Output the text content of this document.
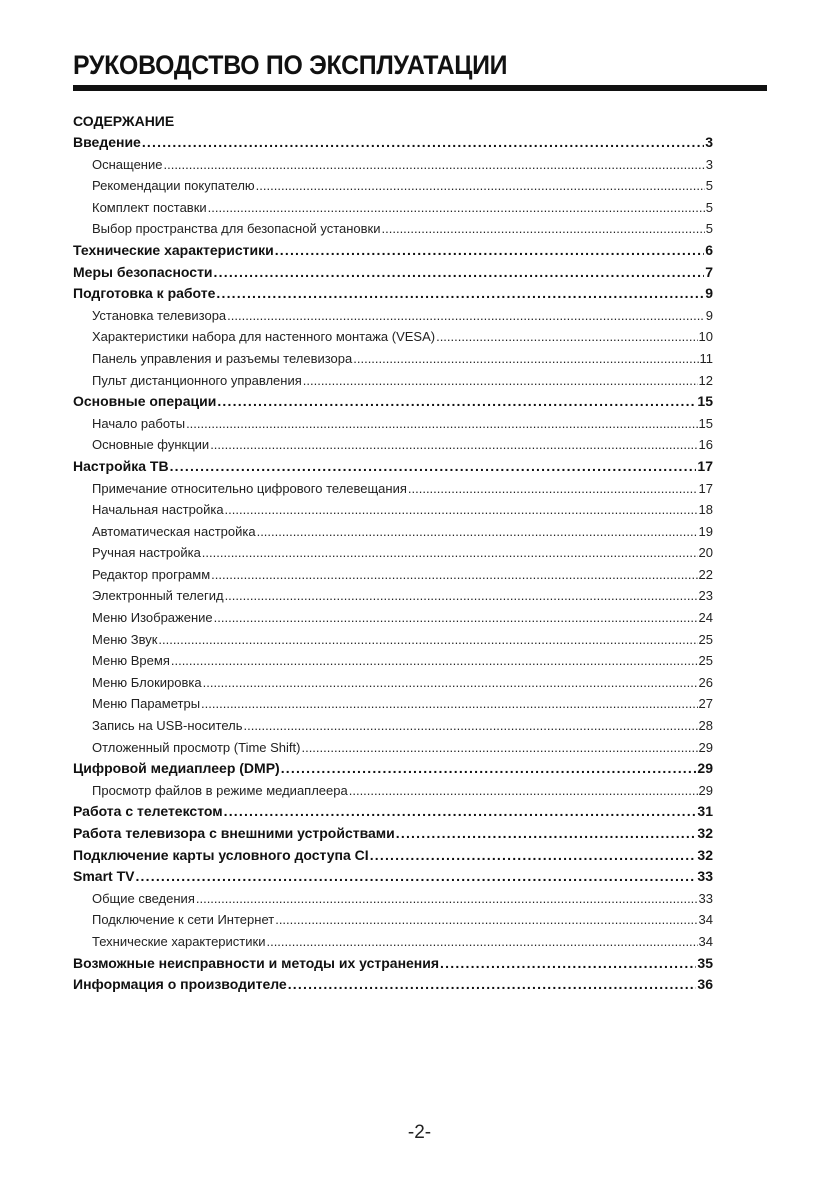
РУКОВОДСТВО ПО ЭКСПЛУАТАЦИИ
СОДЕРЖАНИЕ
Введение .....	3
Оснащение .....	3
Рекомендации покупателю .....	5
Комплект поставки .....	5
Выбор пространства для безопасной установки .....	5
Технические характеристики .....	6
Меры безопасности .....	7
Подготовка к работе .....	9
Установка телевизора .....	9
Характеристики набора для настенного монтажа (VESA) .....	10
Панель управления и разъемы телевизора .....	11
Пульт дистанционного управления .....	12
Основные операции .....	15
Начало работы .....	15
Основные функции .....	16
Настройка ТВ .....	17
Примечание относительно цифрового телевещания .....	17
Начальная настройка .....	18
Автоматическая настройка .....	19
Ручная настройка .....	20
Редактор программ .....	22
Электронный телегид .....	23
Меню Изображение .....	24
Меню Звук .....	25
Меню Время .....	25
Меню Блокировка .....	26
Меню Параметры .....	27
Запись на USB-носитель .....	28
Отложенный просмотр (Time Shift) .....	29
Цифровой медиаплеер (DMP) .....	29
Просмотр файлов в режиме медиаплеера .....	29
Работа с телетекстом .....	31
Работа телевизора с внешними устройствами .....	32
Подключение карты условного доступа CI .....	32
Smart TV .....	33
Общие сведения .....	33
Подключение к сети Интернет .....	34
Технические характеристики .....	34
Возможные неисправности и методы их устранения .....	35
Информация о производителе .....	36
-2-
